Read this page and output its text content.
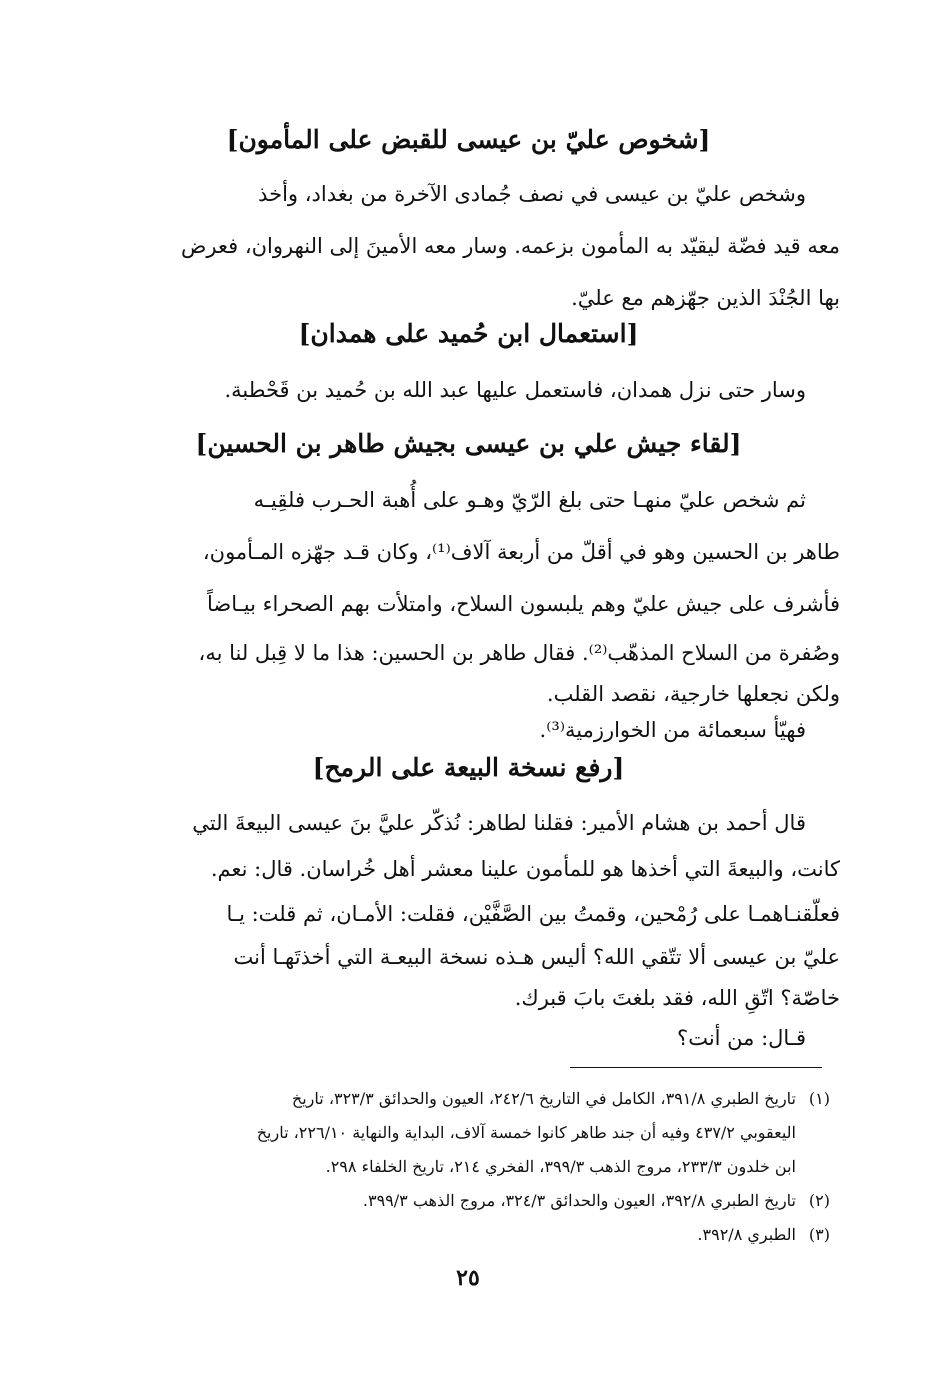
[شخوص عليّ بن عيسى للقبض على المأمون]
وشخص عليّ بن عيسى في نصف جُمادى الآخرة من بغداد، وأخذ
معه قيد فضّة ليقيّد به المأمون بزعمه. وسار معه الأمينَ إلى النهروان، فعرض
بها الجُنْدَ الذين جهّزهم مع عليّ.
[استعمال ابن حُميد على همدان]
وسار حتى نزل همدان، فاستعمل عليها عبد الله بن حُميد بن قَحْطبة.
[لقاء جيش علي بن عيسى بجيش طاهر بن الحسين]
ثم شخص عليّ منهـا حتى بلغ الرّيّ وهـو على أُهبة الحـرب فلقِيـه
طاهر بن الحسين وهو في أقلّ من أربعة آلاف⁽¹⁾، وكان قـد جهّزه المـأمون،
فأشرف على جيش عليّ وهم يلبسون السلاح، وامتلأت بهم الصحراء بيـاضاً
وصُفرة من السلاح المذهّب⁽²⁾. فقال طاهر بن الحسين: هذا ما لا قِبل لنا به،
ولكن نجعلها خارجية، نقصد القلب.
فهيّأ سبعمائة من الخوارزمية⁽³⁾.
[رفع نسخة البيعة على الرمح]
قال أحمد بن هشام الأمير: فقلنا لطاهر: نُذكّر عليَّ بنَ عيسى البيعةَ التي
كانت، والبيعةَ التي أخذها هو للمأمون علينا معشر أهل خُراسان. قال: نعم.
فعلّقنـاهمـا على رُمْحين، وقمتُ بين الصَّفَّيْن، فقلت: الأمـان، ثم قلت: يـا
عليّ بن عيسى ألا تتّقي الله؟ أليس هـذه نسخة البيعـة التي أخذتَهـا أنت
خاصّة؟ اتّقِ الله، فقد بلغتَ بابَ قبرك.
قـال: من أنت؟
(١)تاريخ الطبري ٣٩١/٨، الكامل في التاريخ ٢٤٢/٦، العيون والحدائق ٣٢٣/٣، تاريخ
اليعقوبي ٤٣٧/٢ وفيه أن جند طاهر كانوا خمسة آلاف، البداية والنهاية ٢٢٦/١٠، تاريخ
ابن خلدون ٢٣٣/٣، مروج الذهب ٣٩٩/٣، الفخري ٢١٤، تاريخ الخلفاء ٢٩٨.
(٢)تاريخ الطبري ٣٩٢/٨، العيون والحدائق ٣٢٤/٣، مروج الذهب ٣٩٩/٣.
(٣)الطبري ٣٩٢/٨.
٢٥
